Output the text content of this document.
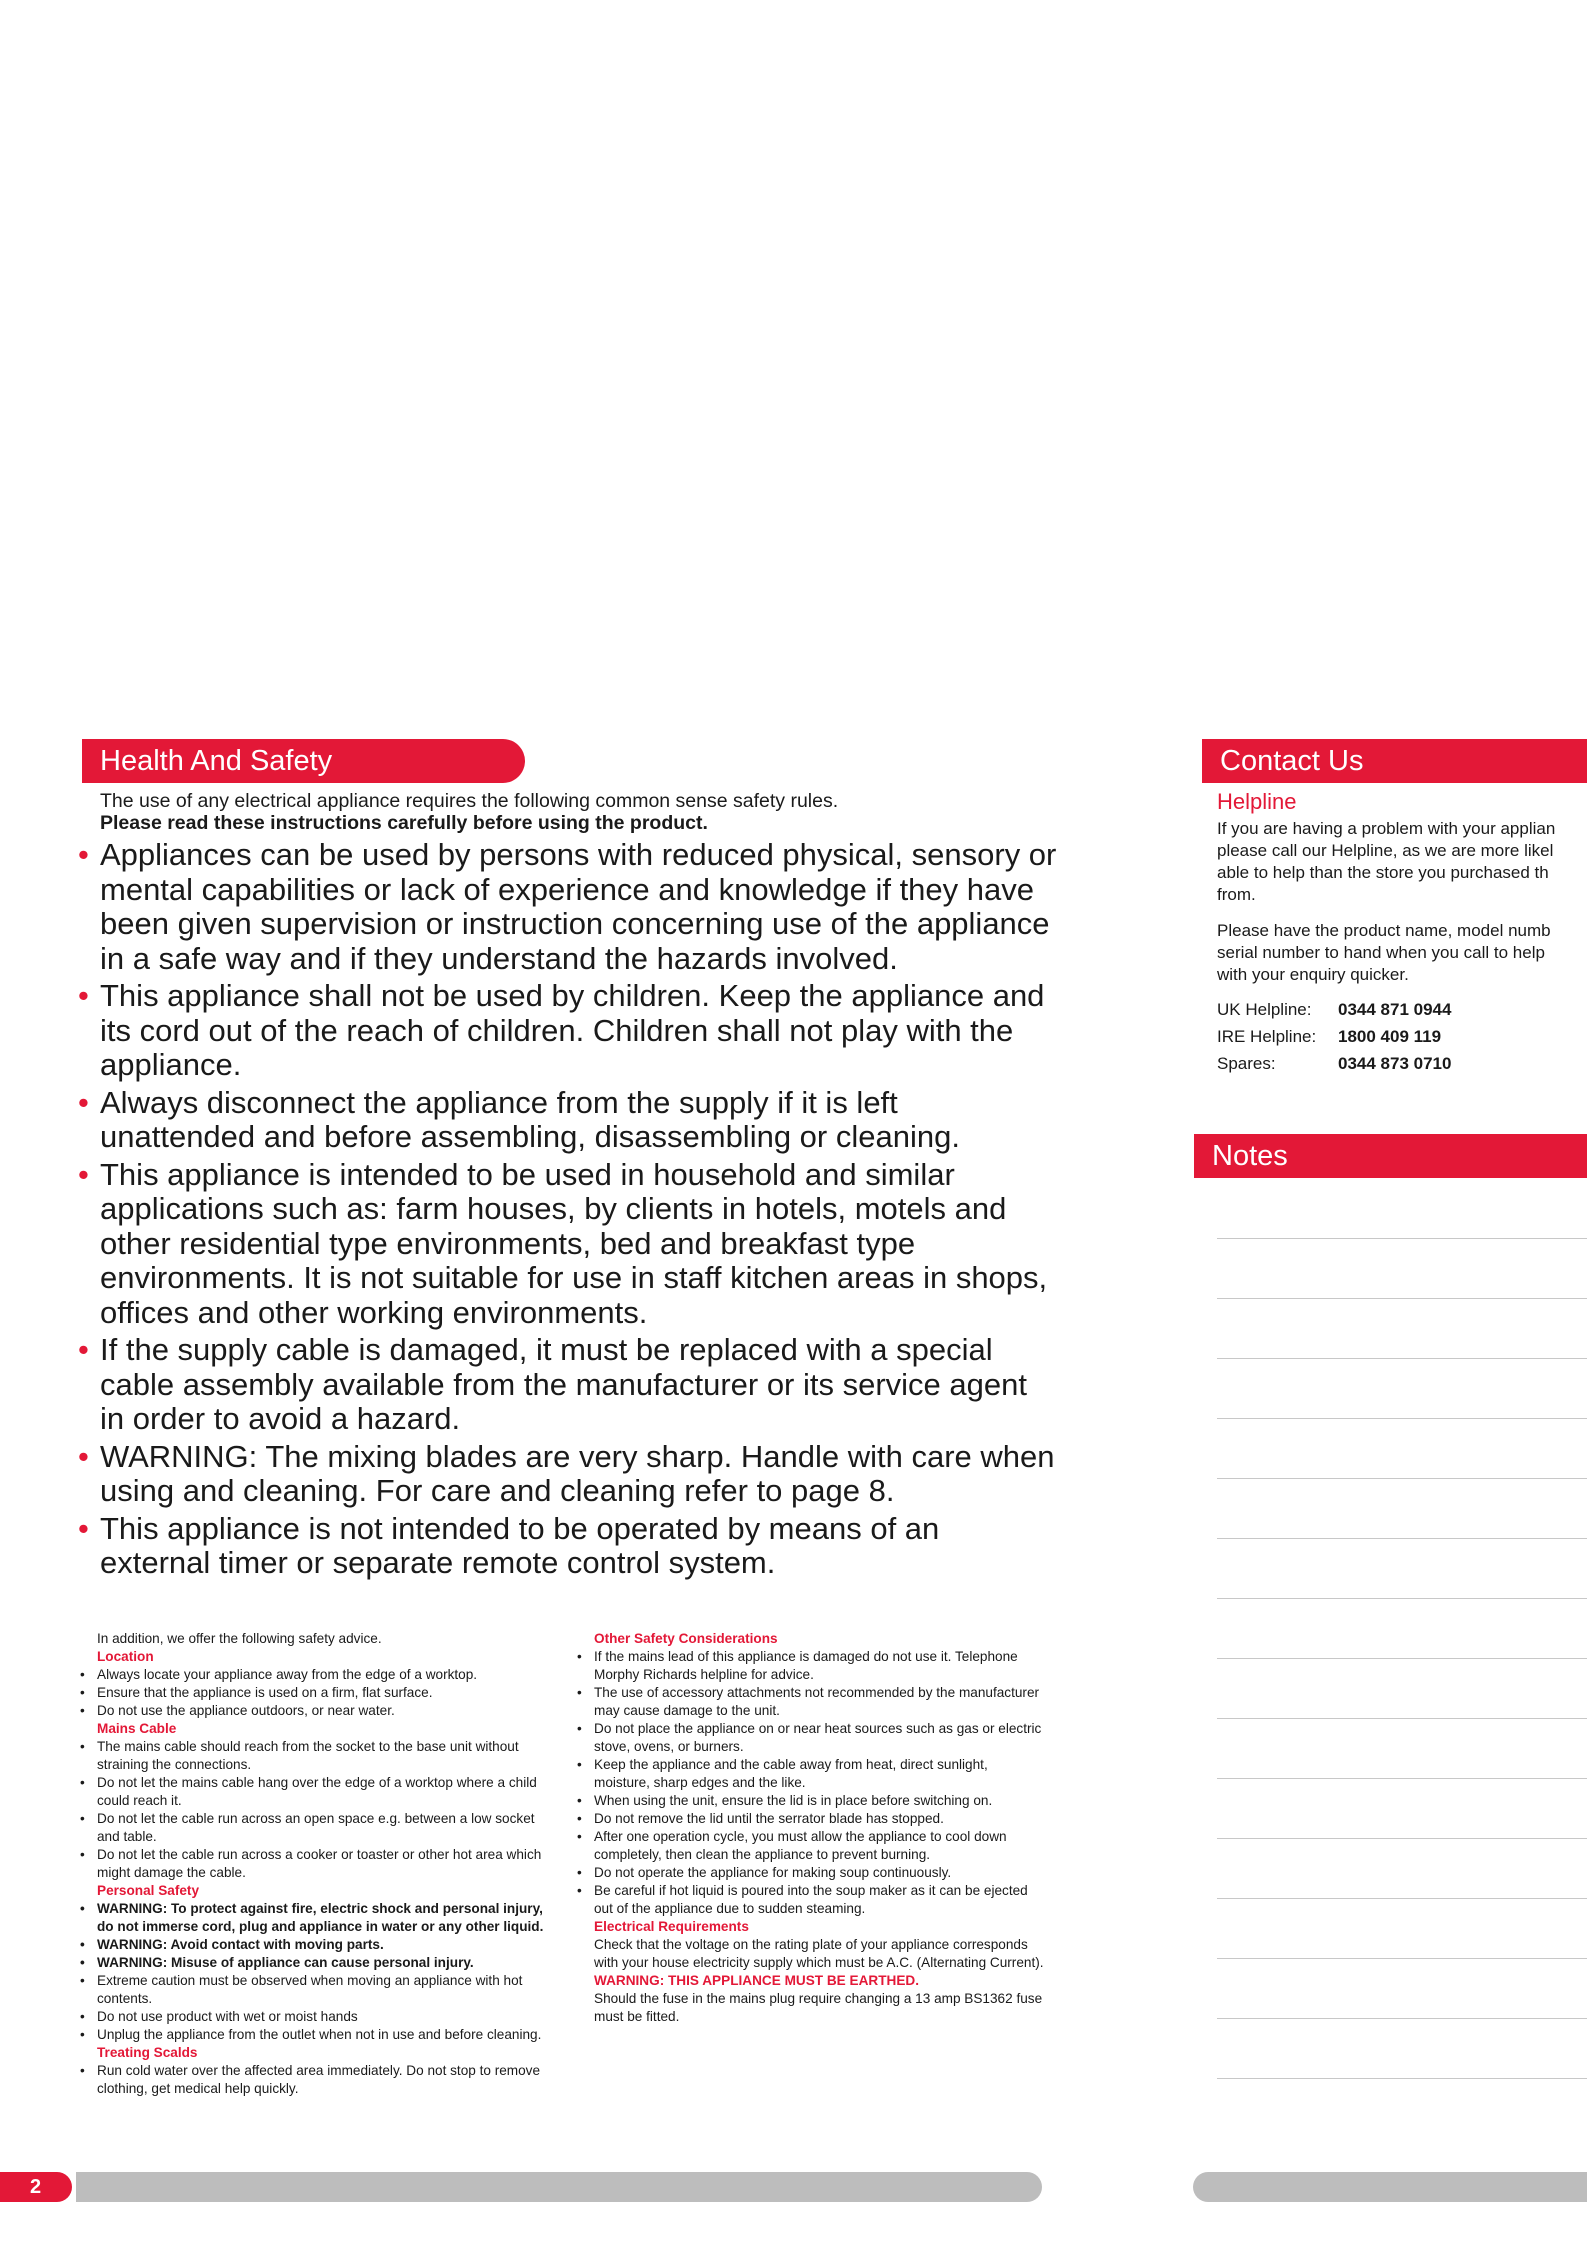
Health And Safety
The use of any electrical appliance requires the following common sense safety rules.
Please read these instructions carefully before using the product.
• Appliances can be used by persons with reduced physical, sensory or mental capabilities or lack of experience and knowledge if they have been given supervision or instruction concerning use of the appliance in a safe way and if they understand the hazards involved.
• This appliance shall not be used by children. Keep the appliance and its cord out of the reach of children. Children shall not play with the appliance.
• Always disconnect the appliance from the supply if it is left unattended and before assembling, disassembling or cleaning.
• This appliance is intended to be used in household and similar applications such as: farm houses, by clients in hotels, motels and other residential type environments, bed and breakfast type environments. It is not suitable for use in staff kitchen areas in shops, offices and other working environments.
• If the supply cable is damaged, it must be replaced with a special cable assembly available from the manufacturer or its service agent in order to avoid a hazard.
• WARNING: The mixing blades are very sharp. Handle with care when using and cleaning. For care and cleaning refer to page 8.
• This appliance is not intended to be operated by means of an external timer or separate remote control system.
In addition, we offer the following safety advice.
Location
• Always locate your appliance away from the edge of a worktop.
• Ensure that the appliance is used on a firm, flat surface.
• Do not use the appliance outdoors, or near water.
Mains Cable
• The mains cable should reach from the socket to the base unit without straining the connections.
• Do not let the mains cable hang over the edge of a worktop where a child could reach it.
• Do not let the cable run across an open space e.g. between a low socket and table.
• Do not let the cable run across a cooker or toaster or other hot area which might damage the cable.
Personal Safety
• WARNING: To protect against fire, electric shock and personal injury, do not immerse cord, plug and appliance in water or any other liquid.
• WARNING: Avoid contact with moving parts.
• WARNING: Misuse of appliance can cause personal injury.
• Extreme caution must be observed when moving an appliance with hot contents.
• Do not use product with wet or moist hands
• Unplug the appliance from the outlet when not in use and before cleaning.
Treating Scalds
• Run cold water over the affected area immediately. Do not stop to remove clothing, get medical help quickly.
Other Safety Considerations
• If the mains lead of this appliance is damaged do not use it. Telephone Morphy Richards helpline for advice.
• The use of accessory attachments not recommended by the manufacturer may cause damage to the unit.
• Do not place the appliance on or near heat sources such as gas or electric stove, ovens, or burners.
• Keep the appliance and the cable away from heat, direct sunlight, moisture, sharp edges and the like.
• When using the unit, ensure the lid is in place before switching on.
• Do not remove the lid until the serrator blade has stopped.
• After one operation cycle, you must allow the appliance to cool down completely, then clean the appliance to prevent burning.
• Do not operate the appliance for making soup continuously.
• Be careful if hot liquid is poured into the soup maker as it can be ejected out of the appliance due to sudden steaming.
Electrical Requirements
Check that the voltage on the rating plate of your appliance corresponds with your house electricity supply which must be A.C. (Alternating Current).
WARNING: THIS APPLIANCE MUST BE EARTHED.
Should the fuse in the mains plug require changing a 13 amp BS1362 fuse must be fitted.
Contact Us
Helpline
If you are having a problem with your applian
please call our Helpline, as we are more likel
able to help than the store you purchased th
from.
Please have the product name, model numb
serial number to hand when you call to help
with your enquiry quicker.
UK Helpline: 0344 871 0944
IRE Helpline: 1800 409 119
Spares:	0344 873 0710
Notes
2
